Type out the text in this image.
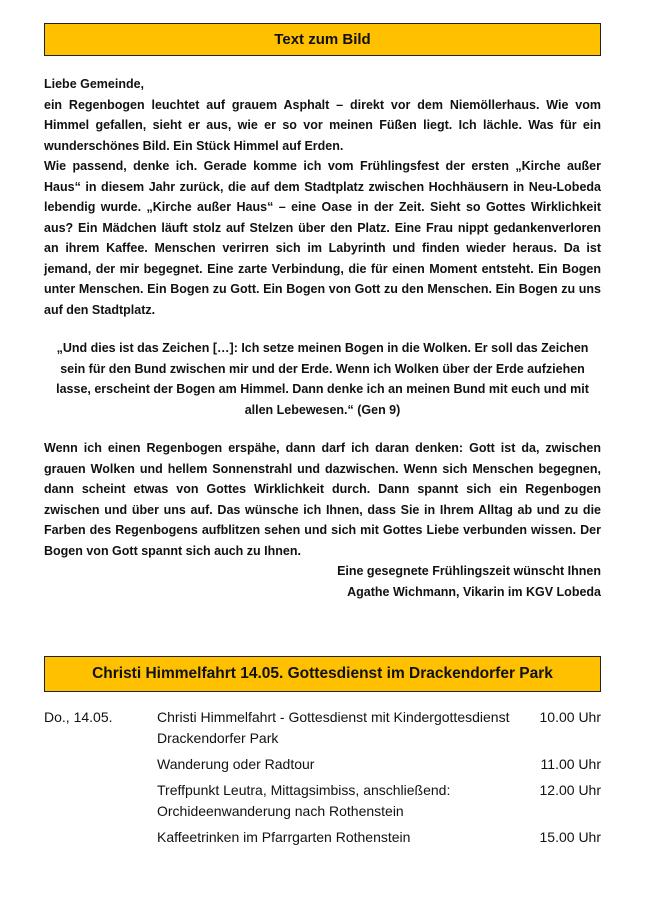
Text zum Bild

Liebe Gemeinde,

ein Regenbogen leuchtet auf grauem Asphalt – direkt vor dem Niemöllerhaus. Wie vom Himmel gefallen, sieht er aus, wie er so vor meinen Füßen liegt. Ich lächle. Was für ein wunderschönes Bild. Ein Stück Himmel auf Erden.

Wie passend, denke ich. Gerade komme ich vom Frühlingsfest der ersten „Kirche außer Haus“ in diesem Jahr zurück, die auf dem Stadtplatz zwischen Hochhäusern in Neu-Lobeda lebendig wurde. „Kirche außer Haus“ – eine Oase in der Zeit. Sieht so Gottes Wirklichkeit aus? Ein Mädchen läuft stolz auf Stelzen über den Platz. Eine Frau nippt gedankenverloren an ihrem Kaffee. Menschen verirren sich im Labyrinth und finden wieder heraus. Da ist jemand, der mir begegnet. Eine zarte Verbindung, die für einen Moment entsteht. Ein Bogen unter Menschen. Ein Bogen zu Gott. Ein Bogen von Gott zu den Menschen. Ein Bogen zu uns auf den Stadtplatz.

„Und dies ist das Zeichen […]: Ich setze meinen Bogen in die Wolken. Er soll das Zeichen sein für den Bund zwischen mir und der Erde. Wenn ich Wolken über der Erde aufziehen lasse, erscheint der Bogen am Himmel. Dann denke ich an meinen Bund mit euch und mit allen Lebewesen.“ (Gen 9)

Wenn ich einen Regenbogen erspähe, dann darf ich daran denken: Gott ist da, zwischen grauen Wolken und hellem Sonnenstrahl und dazwischen. Wenn sich Menschen begegnen, dann scheint etwas von Gottes Wirklichkeit durch. Dann spannt sich ein Regenbogen zwischen und über uns auf. Das wünsche ich Ihnen, dass Sie in Ihrem Alltag ab und zu die Farben des Regenbogens aufblitzen sehen und sich mit Gottes Liebe verbunden wissen. Der Bogen von Gott spannt sich auch zu Ihnen.

Eine gesegnete Frühlingszeit wünscht Ihnen

Agathe Wichmann, Vikarin im KGV Lobeda

Christi Himmelfahrt 14.05. Gottesdienst im Drackendorfer Park
Do., 14.05.	Christi Himmelfahrt - Gottesdienst mit Kindergottesdienst Drackendorfer Park	10.00 Uhr
	Wanderung oder Radtour	11.00 Uhr
	Treffpunkt Leutra, Mittagsimbiss, anschließend: Orchideenwanderung nach Rothenstein	12.00 Uhr
	Kaffeetrinken im Pfarrgarten Rothenstein	15.00 Uhr
